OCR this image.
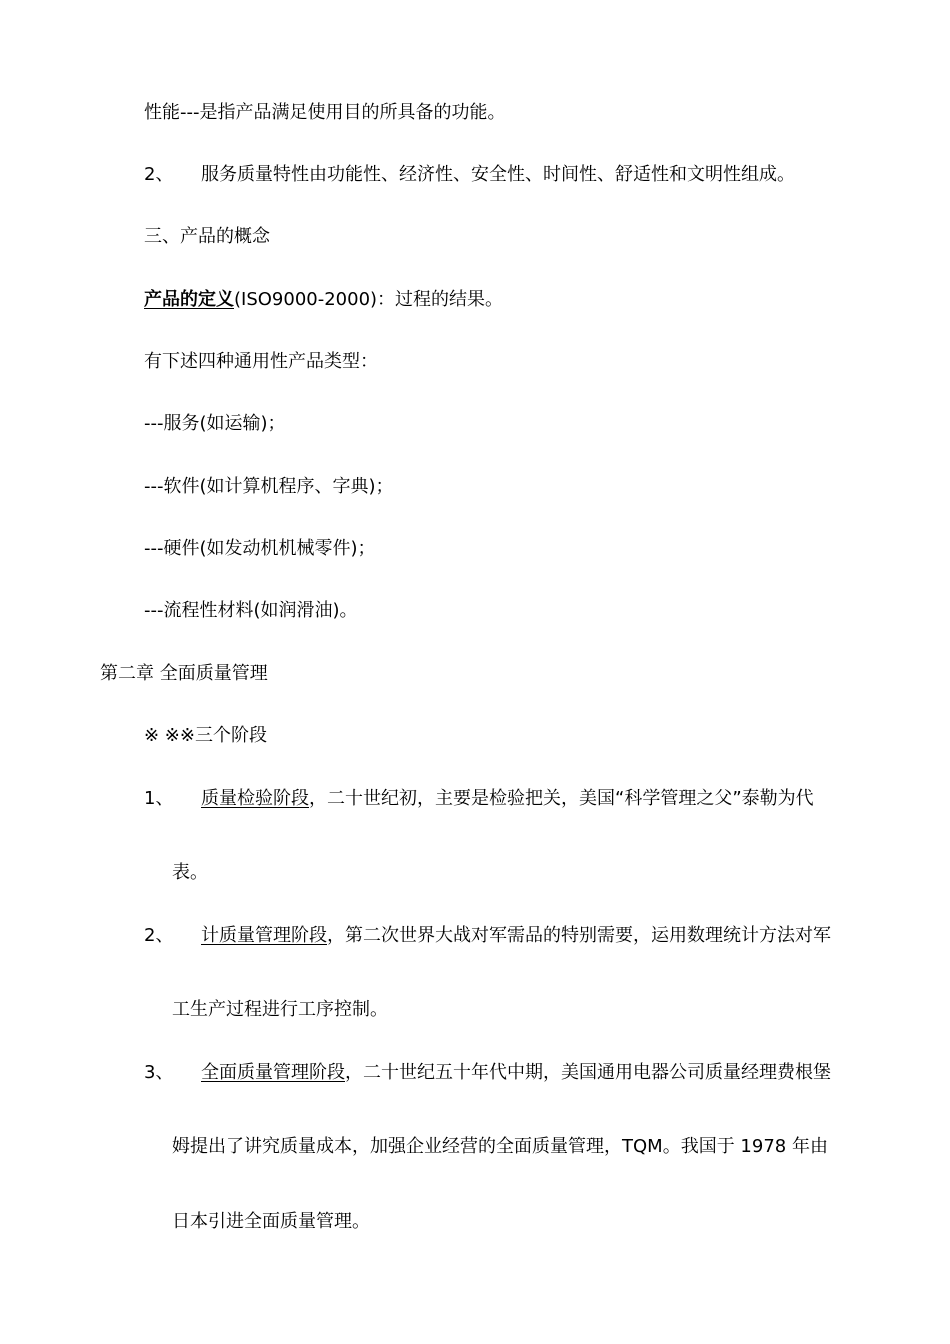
性能---是指产品满足使用目的所具备的功能。
2、 服务质量特性由功能性、经济性、安全性、时间性、舒适性和文明性组成。
三、产品的概念
产品的定义(ISO9000-2000)：过程的结果。
有下述四种通用性产品类型：
---服务(如运输)；
---软件(如计算机程序、字典)；
---硬件(如发动机机械零件)；
---流程性材料(如润滑油)。
第二章 全面质量管理
※ ※※三个阶段
1、 质量检验阶段，二十世纪初，主要是检验把关，美国“科学管理之父”泰勒为代
表。
2、 计质量管理阶段，第二次世界大战对军需品的特别需要，运用数理统计方法对军
工生产过程进行工序控制。
3、 全面质量管理阶段，二十世纪五十年代中期，美国通用电器公司质量经理费根堡
姆提出了讲究质量成本，加强企业经营的全面质量管理，TQM。我国于 1978 年由
日本引进全面质量管理。
